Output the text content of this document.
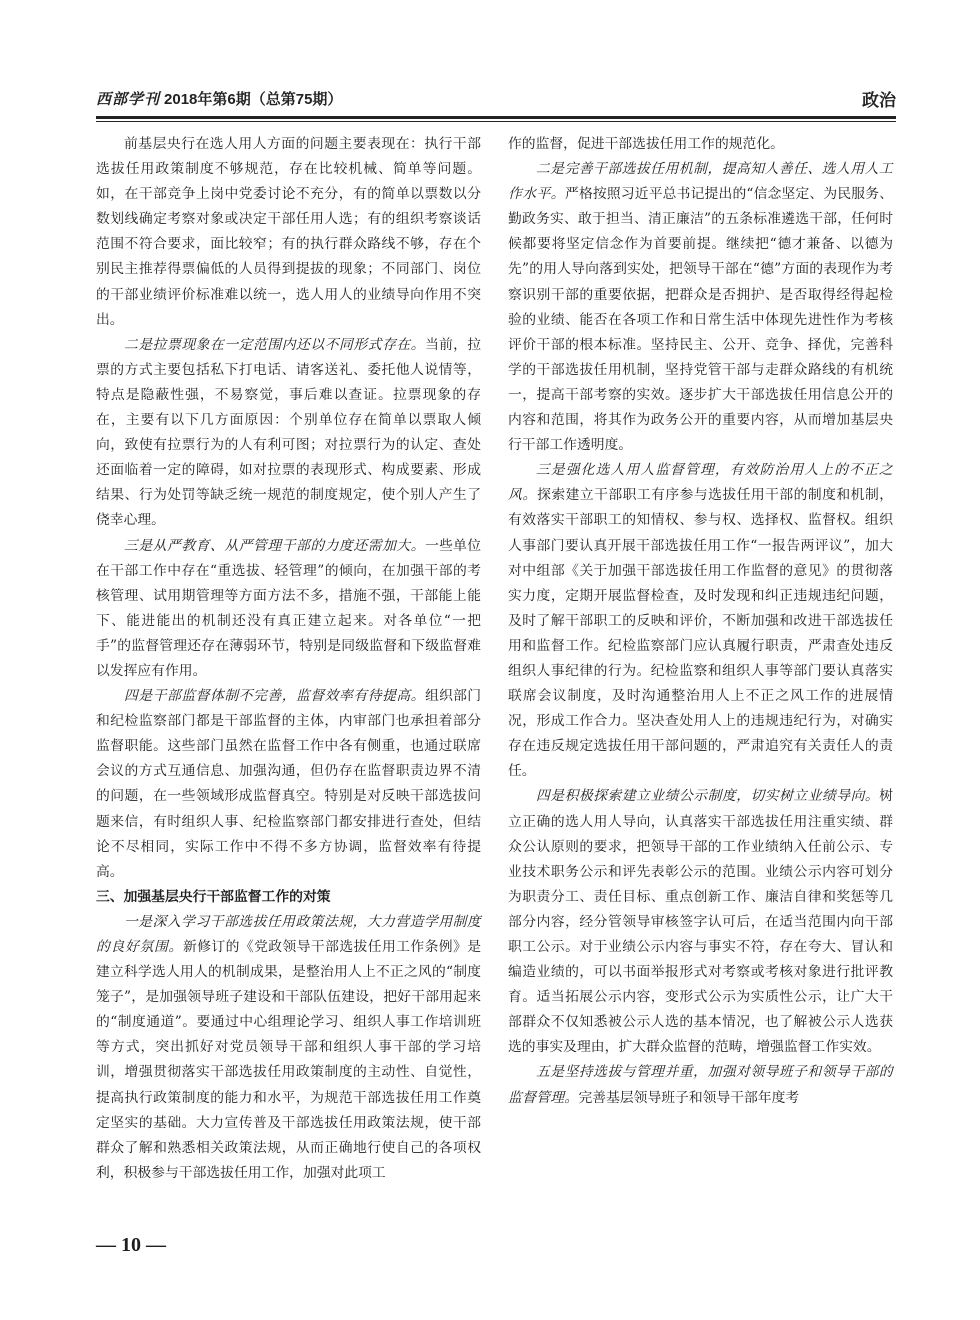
西部学刊 2018年第6期（总第75期）	政治

前基层央行在选人用人方面的问题主要表现在：执行干部选拔任用政策制度不够规范，存在比较机械、简单等问题。如，在干部竞争上岗中党委讨论不充分，有的简单以票数以分数划线确定考察对象或决定干部任用人选；有的组织考察谈话范围不符合要求，面比较窄；有的执行群众路线不够，存在个别民主推荐得票偏低的人员得到提拔的现象；不同部门、岗位的干部业绩评价标准难以统一，选人用人的业绩导向作用不突出。

二是拉票现象在一定范围内还以不同形式存在。当前，拉票的方式主要包括私下打电话、请客送礼、委托他人说情等，特点是隐蔽性强，不易察觉，事后难以查证。拉票现象的存在，主要有以下几方面原因：个别单位存在简单以票取人倾向，致使有拉票行为的人有利可图；对拉票行为的认定、查处还面临着一定的障碍，如对拉票的表现形式、构成要素、形成结果、行为处罚等缺乏统一规范的制度规定，使个别人产生了侥幸心理。

三是从严教育、从严管理干部的力度还需加大。一些单位在干部工作中存在“重选拔、轻管理”的倾向，在加强干部的考核管理、试用期管理等方面方法不多，措施不强，干部能上能下、能进能出的机制还没有真正建立起来。对各单位“一把手”的监督管理还存在薄弱环节，特别是同级监督和下级监督难以发挥应有作用。

四是干部监督体制不完善，监督效率有待提高。组织部门和纪检监察部门都是干部监督的主体，内审部门也承担着部分监督职能。这些部门虽然在监督工作中各有侧重，也通过联席会议的方式互通信息、加强沟通，但仍存在监督职责边界不清的问题，在一些领域形成监督真空。特别是对反映干部选拔问题来信，有时组织人事、纪检监察部门都安排进行查处，但结论不尽相同，实际工作中不得不多方协调，监督效率有待提高。

三、加强基层央行干部监督工作的对策

一是深入学习干部选拔任用政策法规，大力营造学用制度的良好氛围。新修订的《党政领导干部选拔任用工作条例》是建立科学选人用人的机制成果，是整治用人上不正之风的“制度笼子”，是加强领导班子建设和干部队伍建设，把好干部用起来的“制度通道”。要通过中心组理论学习、组织人事工作培训班等方式，突出抓好对党员领导干部和组织人事干部的学习培训，增强贯彻落实干部选拔任用政策制度的主动性、自觉性，提高执行政策制度的能力和水平，为规范干部选拔任用工作奠定坚实的基础。大力宣传普及干部选拔任用政策法规，使干部群众了解和熟悉相关政策法规，从而正确地行使自己的各项权利，积极参与干部选拔任用工作，加强对此项工

作的监督，促进干部选拔任用工作的规范化。

二是完善干部选拔任用机制，提高知人善任、选人用人工作水平。严格按照习近平总书记提出的“信念坚定、为民服务、勤政务实、敢于担当、清正廉洁”的五条标准遴选干部，任何时候都要将坚定信念作为首要前提。继续把“德才兼备、以德为先”的用人导向落到实处，把领导干部在“德”方面的表现作为考察识别干部的重要依据，把群众是否拥护、是否取得经得起检验的业绩、能否在各项工作和日常生活中体现先进性作为考核评价干部的根本标准。坚持民主、公开、竞争、择优，完善科学的干部选拔任用机制，坚持党管干部与走群众路线的有机统一，提高干部考察的实效。逐步扩大干部选拔任用信息公开的内容和范围，将其作为政务公开的重要内容，从而增加基层央行干部工作透明度。

三是强化选人用人监督管理，有效防治用人上的不正之风。探索建立干部职工有序参与选拔任用干部的制度和机制，有效落实干部职工的知情权、参与权、选择权、监督权。组织人事部门要认真开展干部选拔任用工作“一报告两评议”，加大对中组部《关于加强干部选拔任用工作监督的意见》的贯彻落实力度，定期开展监督检查，及时发现和纠正违规违纪问题，及时了解干部职工的反映和评价，不断加强和改进干部选拔任用和监督工作。纪检监察部门应认真履行职责，严肃查处违反组织人事纪律的行为。纪检监察和组织人事等部门要认真落实联席会议制度，及时沟通整治用人上不正之风工作的进展情况，形成工作合力。坚决查处用人上的违规违纪行为，对确实存在违反规定选拔任用干部问题的，严肃追究有关责任人的责任。

四是积极探索建立业绩公示制度，切实树立业绩导向。树立正确的选人用人导向，认真落实干部选拔任用注重实绩、群众公认原则的要求，把领导干部的工作业绩纳入任前公示、专业技术职务公示和评先表彰公示的范围。业绩公示内容可划分为职责分工、责任目标、重点创新工作、廉洁自律和奖惩等几部分内容，经分管领导审核签字认可后，在适当范围内向干部职工公示。对于业绩公示内容与事实不符，存在夸大、冒认和编造业绩的，可以书面举报形式对考察或考核对象进行批评教育。适当拓展公示内容，变形式公示为实质性公示，让广大干部群众不仅知悉被公示人选的基本情况，也了解被公示人选获选的事实及理由，扩大群众监督的范畴，增强监督工作实效。

五是坚持选拔与管理并重，加强对领导班子和领导干部的监督管理。完善基层领导班子和领导干部年度考

— 10 —
